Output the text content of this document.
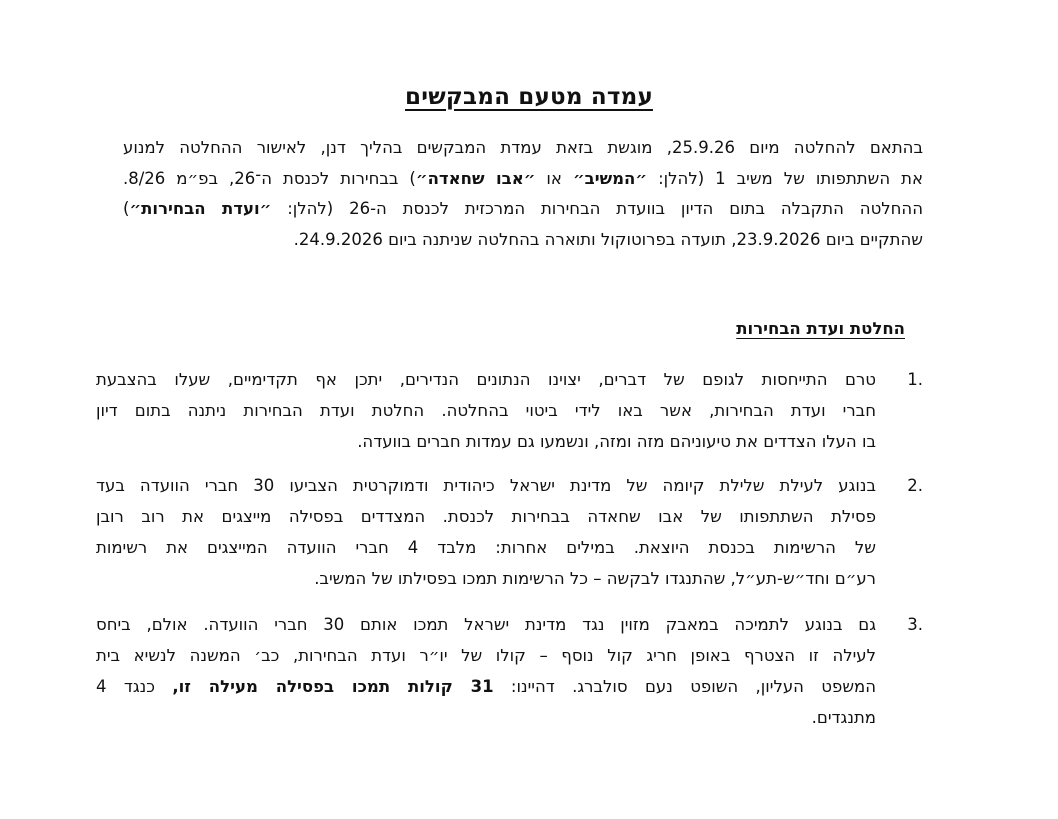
עמדה מטעם המבקשים
בהתאם להחלטה מיום 25.9.26, מוגשת בזאת עמדת המבקשים בהליך דנן, לאישור ההחלטה למנוע
את השתתפותו של משיב 1 (להלן: ״המשיב״ או ״אבו שחאדה״) בבחירות לכנסת ה־26, בפ״מ 8/26.
ההחלטה התקבלה בתום הדיון בוועדת הבחירות המרכזית לכנסת ה-26 (להלן: ״ועדת הבחירות״)
שהתקיים ביום 23.9.2026, תועדה בפרוטוקול ותוארה בהחלטה שניתנה ביום 24.9.2026.
החלטת ועדת הבחירות
1.
טרם התייחסות לגופם של דברים, יצוינו הנתונים הנדירים, יתכן אף תקדימיים, שעלו בהצבעת
חברי ועדת הבחירות, אשר באו לידי ביטוי בהחלטה. החלטת ועדת הבחירות ניתנה בתום דיון
בו העלו הצדדים את טיעוניהם מזה ומזה, ונשמעו גם עמדות חברים בוועדה.
2.
בנוגע לעילת שלילת קיומה של מדינת ישראל כיהודית ודמוקרטית הצביעו 30 חברי הוועדה בעד
פסילת השתתפותו של אבו שחאדה בבחירות לכנסת. המצדדים בפסילה מייצגים את רוב רובן
של הרשימות בכנסת היוצאת. במילים אחרות: מלבד 4 חברי הוועדה המייצגים את רשימות
רע״ם וחד״ש-תע״ל, שהתנגדו לבקשה – כל הרשימות תמכו בפסילתו של המשיב.
3.
גם בנוגע לתמיכה במאבק מזוין נגד מדינת ישראל תמכו אותם 30 חברי הוועדה. אולם, ביחס
לעילה זו הצטרף באופן חריג קול נוסף – קולו של יו״ר ועדת הבחירות, כב׳ המשנה לנשיא בית
המשפט העליון, השופט נעם סולברג. דהיינו: 31 קולות תמכו בפסילה מעילה זו, כנגד 4
מתנגדים.
